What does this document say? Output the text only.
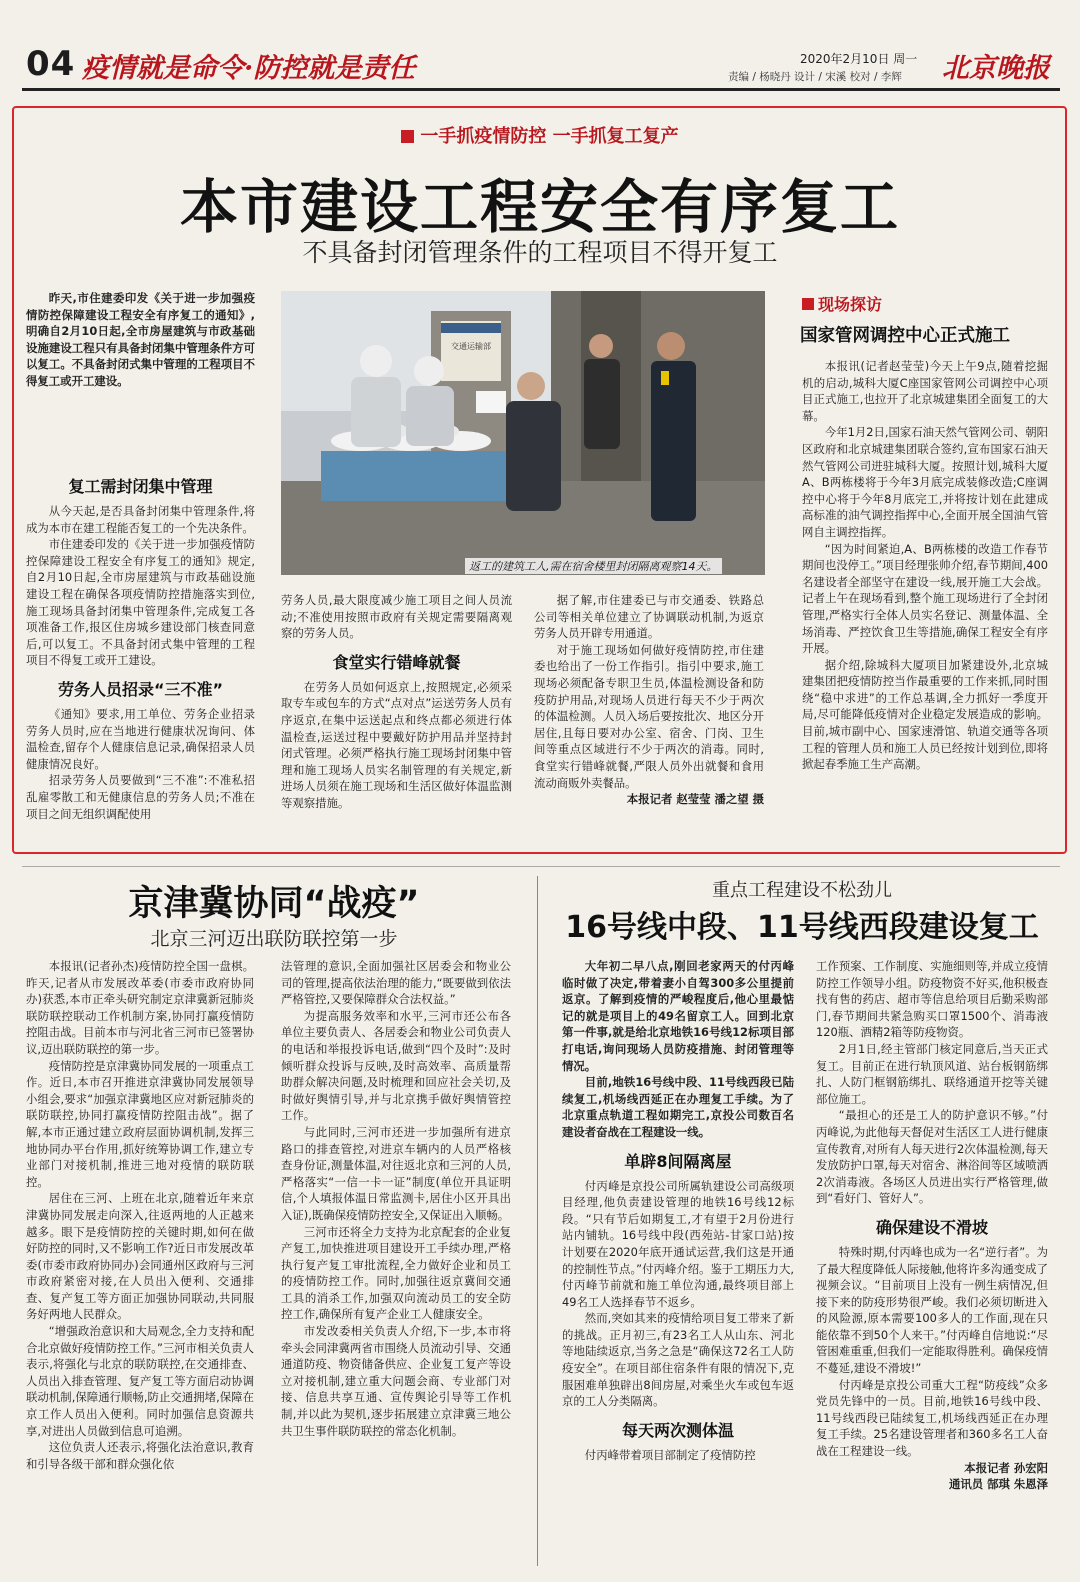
04 疫情就是命令·防控就是责任	2020年2月10日 周一
责编 / 杨晓丹 设计 / 宋溪 校对 / 李辉 北京晚报
一手抓疫情防控 一手抓复工复产
本市建设工程安全有序复工
不具备封闭管理条件的工程项目不得开复工

昨天,市住建委印发《关于进一步加强疫情防控保障建设工程安全有序复工的通知》,明确自2月10日起,全市房屋建筑与市政基础设施建设工程只有具备封闭集中管理条件方可以复工。不具备封闭式集中管理的工程项目不得复工或开工建设。

复工需封闭集中管理

从今天起,是否具备封闭集中管理条件,将成为本市在建工程能否复工的一个先决条件。

市住建委印发的《关于进一步加强疫情防控保障建设工程安全有序复工的通知》规定,自2月10日起,全市房屋建筑与市政基础设施建设工程在确保各项疫情防控措施落实到位,施工现场具备封闭集中管理条件,完成复工各项准备工作,报区住房城乡建设部门核查同意后,可以复工。不具备封闭式集中管理的工程项目不得复工或开工建设。

劳务人员招录“三不准”

《通知》要求,用工单位、劳务企业招录劳务人员时,应在当地进行健康状况询问、体温检查,留存个人健康信息记录,确保招录人员健康情况良好。

招录劳务人员要做到“三不准”:不准私招乱雇零散工和无健康信息的劳务人员;不准在项目之间无组织调配使用

交通运输部
返工的建筑工人,需在宿舍楼里封闭隔离观察14天。

劳务人员,最大限度减少施工项目之间人员流动;不准使用按照市政府有关规定需要隔离观察的劳务人员。

食堂实行错峰就餐

在劳务人员如何返京上,按照规定,必须采取专车或包车的方式“点对点”运送劳务人员有序返京,在集中运送起点和终点都必须进行体温检查,运送过程中要戴好防护用品并坚持封闭式管理。必须严格执行施工现场封闭集中管理和施工现场人员实名制管理的有关规定,新进场人员须在施工现场和生活区做好体温监测等观察措施。

据了解,市住建委已与市交通委、铁路总公司等相关单位建立了协调联动机制,为返京劳务人员开辟专用通道。

对于施工现场如何做好疫情防控,市住建委也给出了一份工作指引。指引中要求,施工现场必须配备专职卫生员,体温检测设备和防疫防护用品,对现场人员进行每天不少于两次的体温检测。人员入场后要按批次、地区分开居住,且每日要对办公室、宿舍、门岗、卫生间等重点区域进行不少于两次的消毒。同时,食堂实行错峰就餐,严限人员外出就餐和食用流动商贩外卖餐品。

本报记者 赵莹莹 潘之望 摄

现场探访
国家管网调控中心正式施工

本报讯(记者赵莹莹)今天上午9点,随着挖掘机的启动,城科大厦C座国家管网公司调控中心项目正式施工,也拉开了北京城建集团全面复工的大幕。

今年1月2日,国家石油天然气管网公司、朝阳区政府和北京城建集团联合签约,宣布国家石油天然气管网公司进驻城科大厦。按照计划,城科大厦A、B两栋楼将于今年3月底完成装修改造;C座调控中心将于今年8月底完工,并将按计划在此建成高标准的油气调控指挥中心,全面开展全国油气管网自主调控指挥。

“因为时间紧迫,A、B两栋楼的改造工作春节期间也没停工。”项目经理张帅介绍,春节期间,400名建设者全部坚守在建设一线,展开施工大会战。记者上午在现场看到,整个施工现场进行了全封闭管理,严格实行全体人员实名登记、测量体温、全场消毒、严控饮食卫生等措施,确保工程安全有序开展。

据介绍,除城科大厦项目加紧建设外,北京城建集团把疫情防控当作最重要的工作来抓,同时围绕“稳中求进”的工作总基调,全力抓好一季度开局,尽可能降低疫情对企业稳定发展造成的影响。目前,城市副中心、国家速滑馆、轨道交通等各项工程的管理人员和施工人员已经按计划到位,即将掀起春季施工生产高潮。

京津冀协同“战疫”
北京三河迈出联防联控第一步
重点工程建设不松劲儿
16号线中段、11号线西段建设复工

本报讯(记者孙杰)疫情防控全国一盘棋。昨天,记者从市发展改革委(市委市政府协同办)获悉,本市正牵头研究制定京津冀新冠肺炎联防联控联动工作机制方案,协同打赢疫情防控阻击战。目前本市与河北省三河市已签署协议,迈出联防联控的第一步。

疫情防控是京津冀协同发展的一项重点工作。近日,本市召开推进京津冀协同发展领导小组会,要求“加强京津冀地区应对新冠肺炎的联防联控,协同打赢疫情防控阻击战”。据了解,本市正通过建立政府层面协调机制,发挥三地协同办平台作用,抓好统筹协调工作,建立专业部门对接机制,推进三地对疫情的联防联控。

居住在三河、上班在北京,随着近年来京津冀协同发展走向深入,往返两地的人正越来越多。眼下是疫情防控的关键时期,如何在做好防控的同时,又不影响工作?近日市发展改革委(市委市政府协同办)会同通州区政府与三河市政府紧密对接,在人员出入便利、交通排查、复产复工等方面正加强协同联动,共同服务好两地人民群众。

“增强政治意识和大局观念,全力支持和配合北京做好疫情防控工作。”三河市相关负责人表示,将强化与北京的联防联控,在交通排查、人员出入排查管理、复产复工等方面启动协调联动机制,保障通行顺畅,防止交通拥堵,保障在京工作人员出入便利。同时加强信息资源共享,对进出人员做到信息可追溯。

这位负责人还表示,将强化法治意识,教育和引导各级干部和群众强化依

法管理的意识,全面加强社区居委会和物业公司的管理,提高依法治理的能力,“既要做到依法严格管控,又要保障群众合法权益。”

为提高服务效率和水平,三河市还公布各单位主要负责人、各居委会和物业公司负责人的电话和举报投诉电话,做到“四个及时”:及时倾听群众投诉与反映,及时高效率、高质量帮助群众解决问题,及时梳理和回应社会关切,及时做好舆情引导,并与北京携手做好舆情管控工作。

与此同时,三河市还进一步加强所有进京路口的排查管控,对进京车辆内的人员严格核查身份证,测量体温,对往返北京和三河的人员,严格落实“一信一卡一证”制度(单位开具证明信,个人填报体温日常监测卡,居住小区开具出入证),既确保疫情防控安全,又保证出入顺畅。

三河市还将全力支持为北京配套的企业复产复工,加快推进项目建设开工手续办理,严格执行复产复工审批流程,全力做好企业和员工的疫情防控工作。同时,加强往返京冀间交通工具的消杀工作,加强双向流动员工的安全防控工作,确保所有复产企业工人健康安全。

市发改委相关负责人介绍,下一步,本市将牵头会同津冀两省市围绕人员流动引导、交通通道防疫、物资储备供应、企业复工复产等设立对接机制,建立重大问题会商、专业部门对接、信息共享互通、宣传舆论引导等工作机制,并以此为契机,逐步拓展建立京津冀三地公共卫生事件联防联控的常态化机制。

大年初二早八点,刚回老家两天的付丙峰临时做了决定,带着妻小自驾300多公里提前返京。了解到疫情的严峻程度后,他心里最惦记的就是项目上的49名留京工人。回到北京第一件事,就是给北京地铁16号线12标项目部打电话,询问现场人员防疫措施、封闭管理等情况。

目前,地铁16号线中段、11号线西段已陆续复工,机场线西延正在办理复工手续。为了北京重点轨道工程如期完工,京投公司数百名建设者奋战在工程建设一线。

单辟8间隔离屋

付丙峰是京投公司所属轨建设公司高级项目经理,他负责建设管理的地铁16号线12标段。“只有节后如期复工,才有望于2月份进行站内铺轨。16号线中段(西苑站-甘家口站)按计划要在2020年底开通试运营,我们这是开通的控制性节点。”付丙峰介绍。鉴于工期压力大,付丙峰节前就和施工单位沟通,最终项目部上49名工人选择春节不返乡。

然而,突如其来的疫情给项目复工带来了新的挑战。正月初三,有23名工人从山东、河北等地陆续返京,当务之急是“确保这72名工人防疫安全”。在项目部住宿条件有限的情况下,克服困难单独辟出8间房屋,对乘坐火车或包车返京的工人分类隔离。

每天两次测体温

付丙峰带着项目部制定了疫情防控

工作预案、工作制度、实施细则等,并成立疫情防控工作领导小组。防疫物资不好买,他积极查找有售的药店、超市等信息给项目后勤采购部门,春节期间共紧急购买口罩1500个、消毒液120瓶、酒精2箱等防疫物资。

2月1日,经主管部门核定同意后,当天正式复工。目前正在进行轨顶风道、站台板钢筋绑扎、人防门框钢筋绑扎、联络通道开挖等关键部位施工。

“最担心的还是工人的防护意识不够。”付丙峰说,为此他每天督促对生活区工人进行健康宣传教育,对所有人每天进行2次体温检测,每天发放防护口罩,每天对宿舍、淋浴间等区域喷洒2次消毒液。各场区人员进出实行严格管理,做到“看好门、管好人”。

确保建设不滑坡

特殊时期,付丙峰也成为一名“逆行者”。为了最大程度降低人际接触,他将许多沟通变成了视频会议。“目前项目上没有一例生病情况,但接下来的防疫形势很严峻。我们必须切断进入的风险源,原本需要100多人的工作面,现在只能依靠不到50个人来干。”付丙峰自信地说:“尽管困难重重,但我们一定能取得胜利。确保疫情不蔓延,建设不滑坡!”

付丙峰是京投公司重大工程“防疫线”众多党员先锋中的一员。目前,地铁16号线中段、11号线西段已陆续复工,机场线西延正在办理复工手续。25名建设管理者和360多名工人奋战在工程建设一线。

本报记者 孙宏阳

通讯员 郜琪 朱恩泽
